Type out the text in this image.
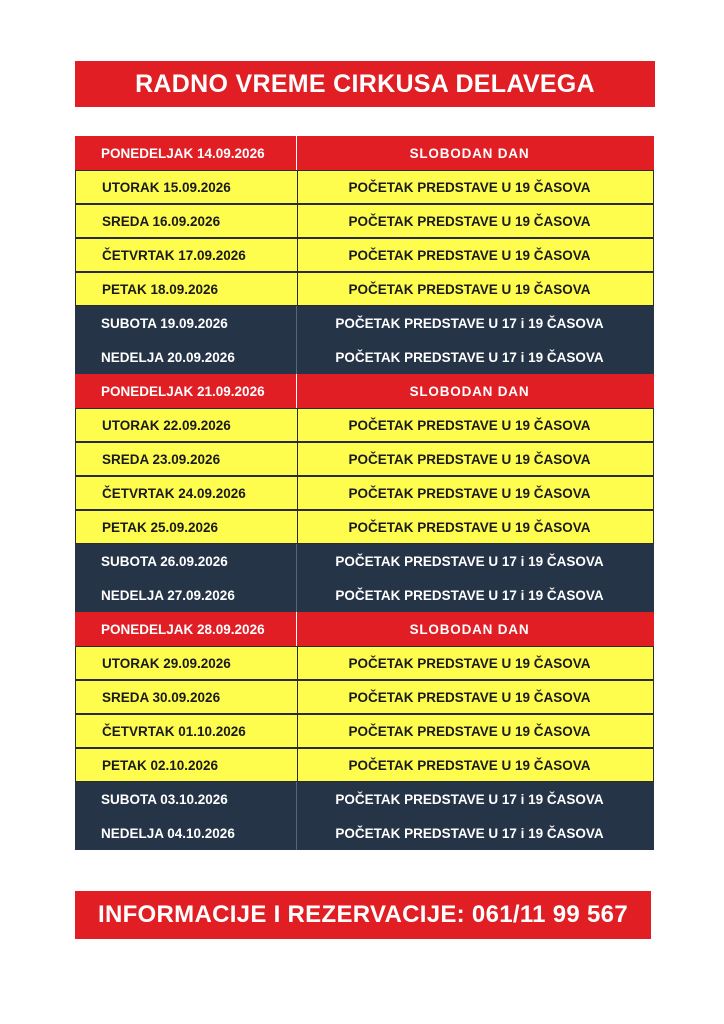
RADNO VREME CIRKUSA DELAVEGA
PONEDELJAK 14.09.2026	SLOBODAN DAN
UTORAK 15.09.2026	POČETAK PREDSTAVE U 19 ČASOVA
SREDA 16.09.2026	POČETAK PREDSTAVE U 19 ČASOVA
ČETVRTAK 17.09.2026	POČETAK PREDSTAVE U 19 ČASOVA
PETAK 18.09.2026	POČETAK PREDSTAVE U 19 ČASOVA
SUBOTA 19.09.2026	POČETAK PREDSTAVE U 17 i 19 ČASOVA
NEDELJA 20.09.2026	POČETAK PREDSTAVE U 17 i 19 ČASOVA
PONEDELJAK 21.09.2026	SLOBODAN DAN
UTORAK 22.09.2026	POČETAK PREDSTAVE U 19 ČASOVA
SREDA 23.09.2026	POČETAK PREDSTAVE U 19 ČASOVA
ČETVRTAK 24.09.2026	POČETAK PREDSTAVE U 19 ČASOVA
PETAK 25.09.2026	POČETAK PREDSTAVE U 19 ČASOVA
SUBOTA 26.09.2026	POČETAK PREDSTAVE U 17 i 19 ČASOVA
NEDELJA 27.09.2026	POČETAK PREDSTAVE U 17 i 19 ČASOVA
PONEDELJAK 28.09.2026	SLOBODAN DAN
UTORAK 29.09.2026	POČETAK PREDSTAVE U 19 ČASOVA
SREDA 30.09.2026	POČETAK PREDSTAVE U 19 ČASOVA
ČETVRTAK 01.10.2026	POČETAK PREDSTAVE U 19 ČASOVA
PETAK 02.10.2026	POČETAK PREDSTAVE U 19 ČASOVA
SUBOTA 03.10.2026	POČETAK PREDSTAVE U 17 i 19 ČASOVA
NEDELJA 04.10.2026	POČETAK PREDSTAVE U 17 i 19 ČASOVA
INFORMACIJE I REZERVACIJE: 061/11 99 567
